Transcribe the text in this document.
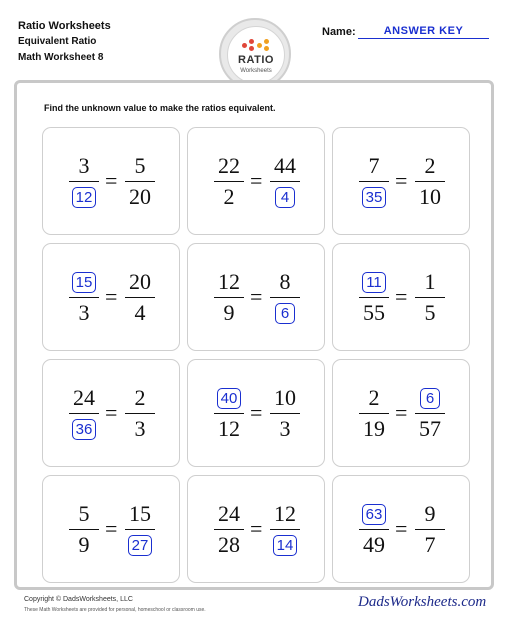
Ratio Worksheets
Equivalent Ratio
Math Worksheet 8	RATIO
Worksheets
Name:	ANSWER KEY
Find the unknown value to make the ratios equivalent.
3
12
=
5
20
22
2
=
44
4
7
35
=
2
10
15
3
=
20
4
12
9
=
8
6
11
55
=
1
5
24
36
=
2
3
40
12
=
10
3
2
19
=
6
57
5
9
=
15
27
24
28
=
12
14
63
49
=
9
7
Copyright © DadsWorksheets, LLC
These Math Worksheets are provided for personal, homeschool or classroom use.	DadsWorksheets.com
